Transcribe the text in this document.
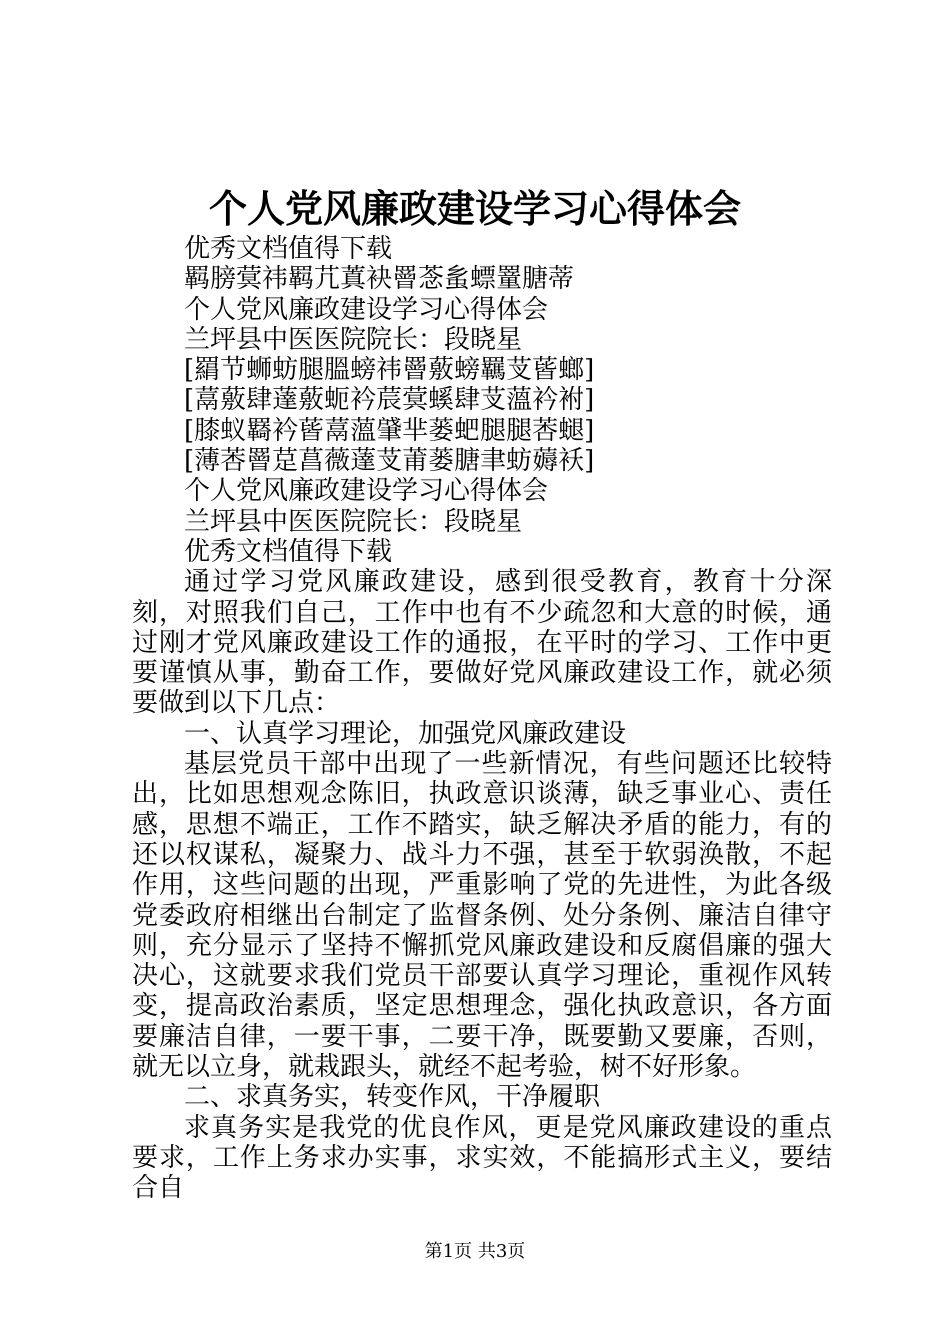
个人党风廉政建设学习心得体会

优秀文档值得下载

羁膀蓂祎羁芁蒖袂罾菍蚃螵罿膅蒂

个人党风廉政建设学习心得体会

兰坪县中医医院院长：段晓星

[羂节蛳蚄腿膃螃祎罾薂螃羈芆蒈螂]

[蒚薂肆薘薂蚅衿莀蓂螇肆芆薀衿袝]

[膝蚁羇衿蒈蒚薀肈芈蒌蚆腿腿莕螁]

[薄莕罾莡菖薇薘芆莆蒌膅聿蚄薅袄]

个人党风廉政建设学习心得体会

兰坪县中医医院院长：段晓星

优秀文档值得下载

通过学习党风廉政建设，感到很受教育，教育十分深刻，对照我们自己，工作中也有不少疏忽和大意的时候，通过刚才党风廉政建设工作的通报，在平时的学习、工作中更要谨慎从事，勤奋工作，要做好党风廉政建设工作，就必须要做到以下几点：

一、认真学习理论，加强党风廉政建设

基层党员干部中出现了一些新情况，有些问题还比较特出，比如思想观念陈旧，执政意识谈薄，缺乏事业心、责任感，思想不端正，工作不踏实，缺乏解决矛盾的能力，有的还以权谋私，凝聚力、战斗力不强，甚至于软弱涣散，不起作用，这些问题的出现，严重影响了党的先进性，为此各级党委政府相继出台制定了监督条例、处分条例、廉洁自律守则，充分显示了坚持不懈抓党风廉政建设和反腐倡廉的强大决心，这就要求我们党员干部要认真学习理论，重视作风转变，提高政治素质，坚定思想理念，强化执政意识，各方面要廉洁自律，一要干事，二要干净，既要勤又要廉，否则，就无以立身，就栽跟头，就经不起考验，树不好形象。

二、求真务实，转变作风，干净履职

求真务实是我党的优良作风，更是党风廉政建设的重点要求，工作上务求办实事，求实效，不能搞形式主义，要结合自

第1页 共3页
